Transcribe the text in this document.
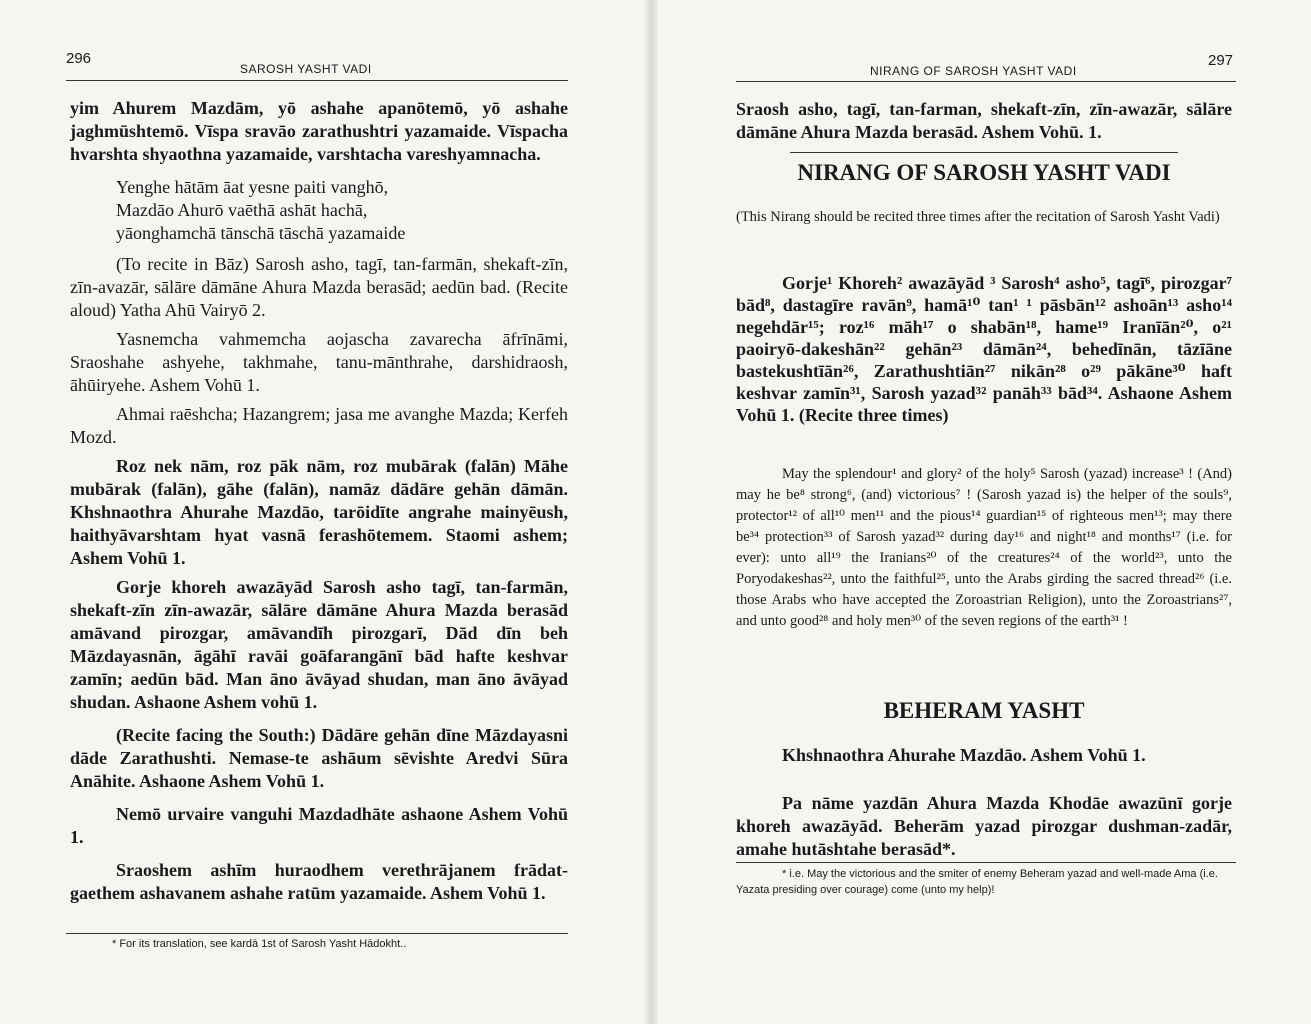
296
SAROSH YASHT VADI

yim Ahurem Mazdām, yō ashahe apanōtemō, yō ashahe jaghmūshtemō. Vīspa sravāo zarathushtri yazamaide. Vīspacha hvarshta shyaothna yazamaide, varshtacha vareshyamnacha.

Yenghe hātām āat yesne paiti vanghō,

Mazdāo Ahurō vaēthā ashāt hachā,

yāonghamchā tānschā tāschā yazamaide

(To recite in Bāz) Sarosh asho, tagī, tan-farmān, shekaft-zīn, zīn-avazār, sālāre dāmāne Ahura Mazda berasād; aedūn bad. (Recite aloud) Yatha Ahū Vairyō 2.

Yasnemcha vahmemcha aojascha zavarecha āfrīnāmi, Sraoshahe ashyehe, takhmahe, tanu-mānthrahe, darshidraosh, āhūiryehe. Ashem Vohū 1.

Ahmai raēshcha; Hazangrem; jasa me avanghe Mazda; Kerfeh Mozd.

Roz nek nām, roz pāk nām, roz mubārak (falān) Māhe mubārak (falān), gāhe (falān), namāz dādāre gehān dāmān. Khshnaothra Ahurahe Mazdāo, tarōidīte angrahe mainyēush, haithyāvarshtam hyat vasnā ferashōtemem. Staomi ashem; Ashem Vohū 1.

Gorje khoreh awazāyād Sarosh asho tagī, tan-farmān, shekaft-zīn zīn-awazār, sālāre dāmāne Ahura Mazda berasād amāvand pirozgar, amāvandīh pirozgarī, Dād dīn beh Māzdayasnān, āgāhī ravāi goāfarangānī bād hafte keshvar zamīn; aedūn bād. Man āno āvāyad shudan, man āno āvāyad shudan. Ashaone Ashem vohū 1.

(Recite facing the South:) Dādāre gehān dīne Māzdayasni dāde Zarathushti. Nemase-te ashāum sēvishte Aredvi Sūra Anāhite. Ashaone Ashem Vohū 1.

Nemō urvaire vanguhi Mazdadhāte ashaone Ashem Vohū 1.

Sraoshem ashīm huraodhem verethrājanem frādat-gaethem ashavanem ashahe ratūm yazamaide. Ashem Vohū 1.

* For its translation, see kardā 1st of Sarosh Yasht Hādokht..
297
NIRANG OF SAROSH YASHT VADI
Sraosh asho, tagī, tan-farman, shekaft-zīn, zīn-awazār, sālāre dāmāne Ahura Mazda berasād. Ashem Vohū. 1.
NIRANG OF SAROSH YASHT VADI
(This Nirang should be recited three times after the recitation of Sarosh Yasht Vadi)
Gorje¹ Khoreh² awazāyād ³ Sarosh⁴ asho⁵, tagī⁶, pirozgar⁷ bād⁸, dastagīre ravān⁹, hamā¹⁰ tan¹ ¹ pāsbān¹² ashoān¹³ asho¹⁴ negehdār¹⁵; roz¹⁶ māh¹⁷ o shabān¹⁸, hame¹⁹ Iranīān²⁰, o²¹ paoiryō-dakeshān²² gehān²³ dāmān²⁴, behedīnān, tāzīāne bastekushtīān²⁶, Zarathushtiān²⁷ nikān²⁸ o²⁹ pākāne³⁰ haft keshvar zamīn³¹, Sarosh yazad³² panāh³³ bād³⁴. Ashaone Ashem Vohū 1. (Recite three times)
May the splendour¹ and glory² of the holy⁵ Sarosh (yazad) increase³ ! (And) may he be⁸ strong⁶, (and) victorious⁷ ! (Sarosh yazad is) the helper of the souls⁹, protector¹² of all¹⁰ men¹¹ and the pious¹⁴ guardian¹⁵ of righteous men¹³; may there be³⁴ protection³³ of Sarosh yazad³² during day¹⁶ and night¹⁸ and months¹⁷ (i.e. for ever): unto all¹⁹ the Iranians²⁰ of the creatures²⁴ of the world²³, unto the Poryodakeshas²², unto the faithful²⁵, unto the Arabs girding the sacred thread²⁶ (i.e. those Arabs who have accepted the Zoroastrian Religion), unto the Zoroastrians²⁷, and unto good²⁸ and holy men³⁰ of the seven regions of the earth³¹ !
BEHERAM YASHT
Khshnaothra Ahurahe Mazdāo. Ashem Vohū 1.
Pa nāme yazdān Ahura Mazda Khodāe awazūnī gorje khoreh awazāyād. Beherām yazad pirozgar dushman-zadār, amahe hutāshtahe berasād*.
* i.e. May the victorious and the smiter of enemy Beheram yazad and well-made Ama (i.e. Yazata presiding over courage) come (unto my help)!
